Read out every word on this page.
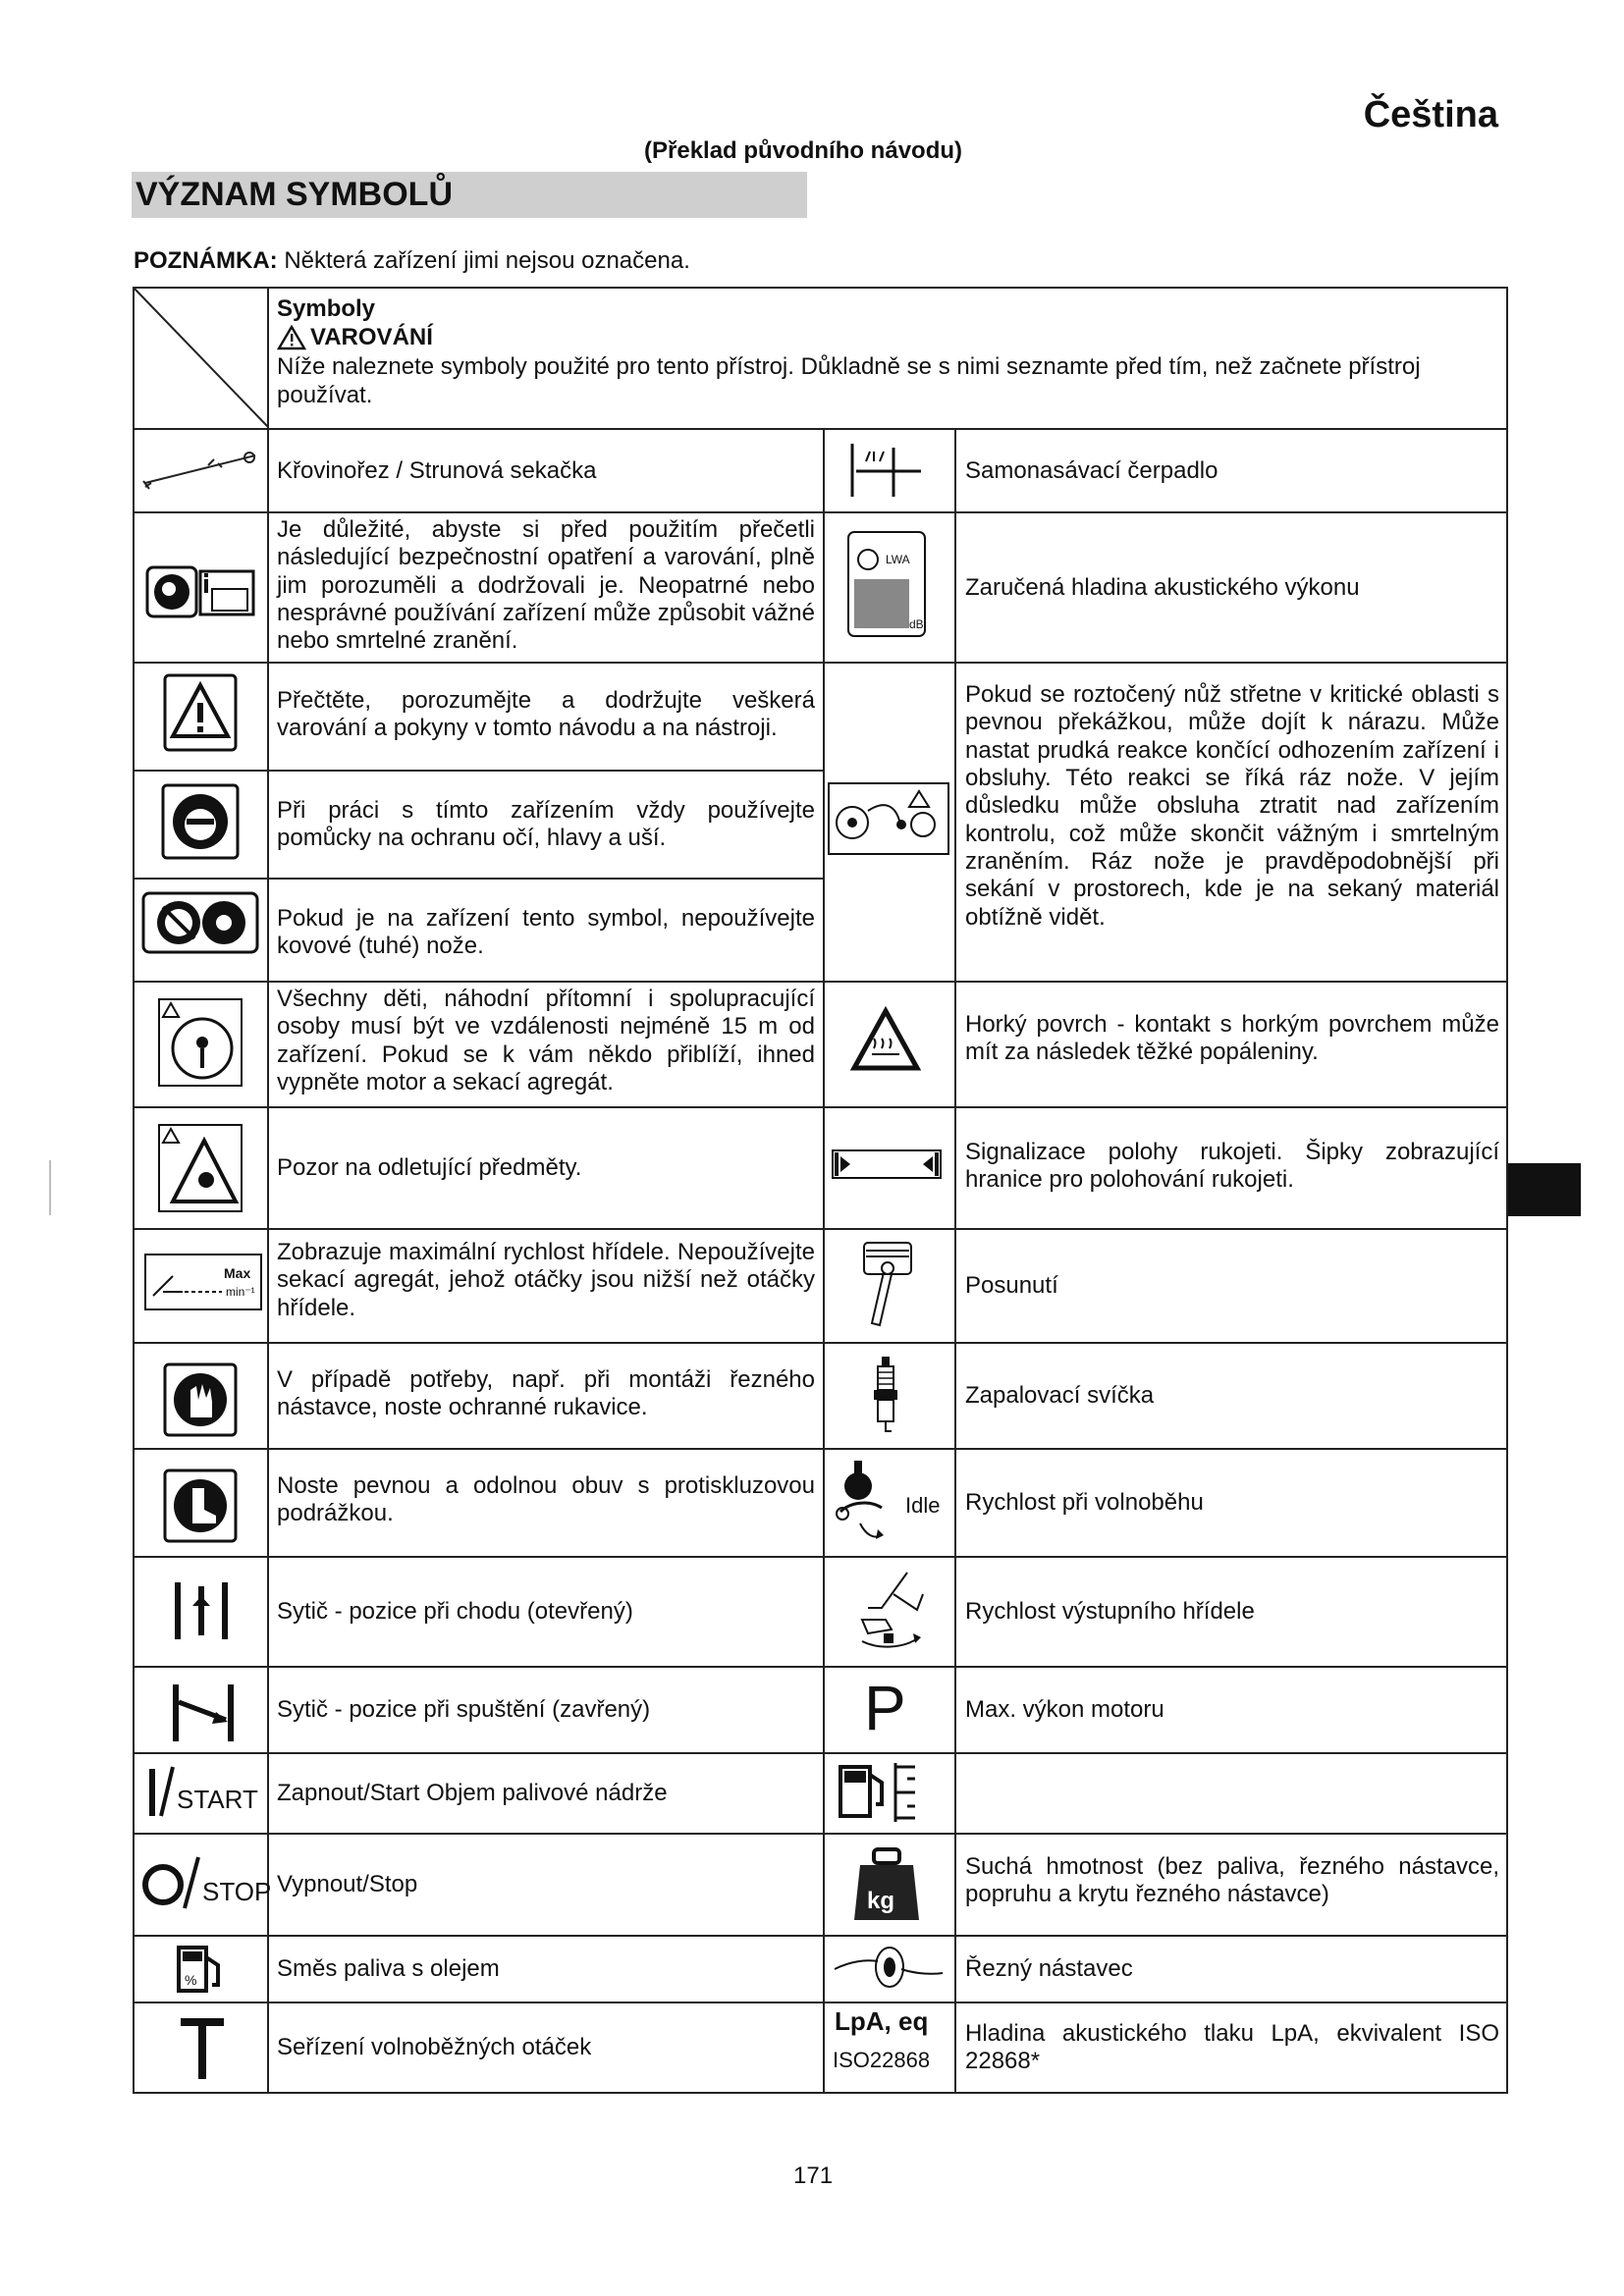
Čeština
(Překlad původního návodu)
VÝZNAM SYMBOLŮ
POZNÁMKA: Některá zařízení jimi nejsou označena.
Symboly
VAROVÁNÍ
Níže naleznete symboly použité pro tento přístroj. Důkladně se s nimi seznamte před tím, než začnete přístroj používat.
Křovinořez / Strunová sekačka
Je důležité, abyste si před použitím přečetli následující bezpečnostní opatření a varování, plně jim porozuměli a dodržovali je. Neopatrné nebo nesprávné používání zařízení může způsobit vážné nebo smrtelné zranění.
Přečtěte, porozumějte a dodržujte veškerá varování a pokyny v tomto návodu a na nástroji.
Při práci s tímto zařízením vždy používejte pomůcky na ochranu očí, hlavy a uší.
Pokud je na zařízení tento symbol, nepoužívejte kovové (tuhé) nože.
Všechny děti, náhodní přítomní i spolupracující osoby musí být ve vzdálenosti nejméně 15 m od zařízení. Pokud se k vám někdo přiblíží, ihned vypněte motor a sekací agregát.
Pozor na odletující předměty.
Zobrazuje maximální rychlost hřídele. Nepoužívejte sekací agregát, jehož otáčky jsou nižší než otáčky hřídele.
V případě potřeby, např. při montáži řezného nástavce, noste ochranné rukavice.
Noste pevnou a odolnou obuv s protiskluzovou podrážkou.
Sytič - pozice při chodu (otevřený)
Sytič - pozice při spuštění (zavřený)
Zapnout/Start Objem palivové nádrže
Vypnout/Stop
Směs paliva s olejem
Seřízení volnoběžných otáček
Samonasávací čerpadlo
Zaručená hladina akustického výkonu
Pokud se roztočený nůž střetne v kritické oblasti s pevnou překážkou, může dojít k nárazu. Může nastat prudká reakce končící odhozením zařízení i obsluhy. Této reakci se říká ráz nože. V jejím důsledku může obsluha ztratit nad zařízením kontrolu, což může skončit vážným i smrtelným zraněním. Ráz nože je pravděpodobnější při sekání v prostorech, kde je na sekaný materiál obtížně vidět.
Horký povrch - kontakt s horkým povrchem může mít za následek těžké popáleniny.
Signalizace polohy rukojeti. Šipky zobrazující hranice pro polohování rukojeti.
Posunutí
Zapalovací svíčka
Rychlost při volnoběhu
Rychlost výstupního hřídele
Max. výkon motoru
Suchá hmotnost (bez paliva, řezného nástavce, popruhu a krytu řezného nástavce)
Řezný nástavec
Hladina akustického tlaku LpA, ekvivalent ISO 22868*
Max
min⁻¹
START
STOP
%
LWA
dB
Idle
P
kg
LpA, eq
ISO22868
171
